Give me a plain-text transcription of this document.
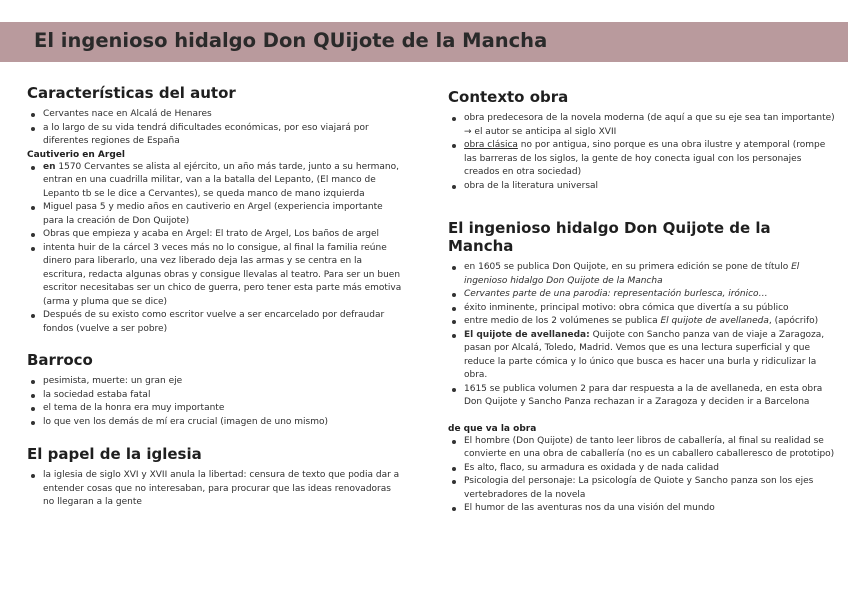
El ingenioso hidalgo Don QUijote de la Mancha
Características del autor
Cervantes nace en Alcalá de Henares
a lo largo de su vida tendrá dificultades económicas, por eso viajará por diferentes regiones de España
Cautiverio en Argel
en 1570 Cervantes se alista al ejército, un año más tarde, junto a su hermano, entran en una cuadrilla militar, van a la batalla del Lepanto, (El manco de Lepanto tb se le dice a Cervantes), se queda manco de mano izquierda
Miguel pasa 5 y medio años en cautiverio en Argel (experiencia importante para la creación de Don Quijote)
Obras que empieza y acaba en Argel: El trato de Argel, Los baños de argel
intenta huir de la cárcel 3 veces más no lo consigue, al final la familia reúne dinero para liberarlo, una vez liberado deja las armas y se centra en la escritura, redacta algunas obras y consigue llevalas al teatro. Para ser un buen escritor necesitabas ser un chico de guerra, pero tener esta parte más emotiva (arma y pluma que se dice)
Después de su existo como escritor vuelve a ser encarcelado por defraudar fondos (vuelve a ser pobre)
Barroco
pesimista, muerte: un gran eje
la sociedad estaba fatal
el tema de la honra era muy importante
lo que ven los demás de mí era crucial (imagen de uno mismo)
El papel de la iglesia
la iglesia de siglo XVI y XVII anula la libertad: censura de texto que podia dar a entender cosas que no interesaban, para procurar que las ideas renovadoras no llegaran a la gente
Contexto obra
obra predecesora de la novela moderna (de aquí a que su eje sea tan importante) → el autor se anticipa al siglo XVII
obra clásica no por antigua, sino porque es una obra ilustre y atemporal (rompe las barreras de los siglos, la gente de hoy conecta igual con los personajes creados en otra sociedad)
obra de la literatura universal
El ingenioso hidalgo Don Quijote de la Mancha
en 1605 se publica Don Quijote, en su primera edición se pone de título El ingenioso hidalgo Don Quijote de la Mancha
Cervantes parte de una parodia: representación burlesca, irónico…
éxito inminente, principal motivo: obra cómica que divertía a su público
entre medio de los 2 volúmenes se publica El quijote de avellaneda, (apócrifo)
El quijote de avellaneda: Quijote con Sancho panza van de viaje a Zaragoza, pasan por Alcalá, Toledo, Madrid. Vemos que es una lectura superficial y que reduce la parte cómica y lo único que busca es hacer una burla y ridiculizar la obra.
1615 se publica volumen 2 para dar respuesta a la de avellaneda, en esta obra Don Quijote y Sancho Panza rechazan ir a Zaragoza y deciden ir a Barcelona
de que va la obra
El hombre (Don Quijote) de tanto leer libros de caballería, al final su realidad se convierte en una obra de caballería (no es un caballero caballeresco de prototipo)
Es alto, flaco, su armadura es oxidada y de nada calidad
Psicologia del personaje: La psicología de Quiote y Sancho panza son los ejes vertebradores de la novela
El humor de las aventuras nos da una visión del mundo
